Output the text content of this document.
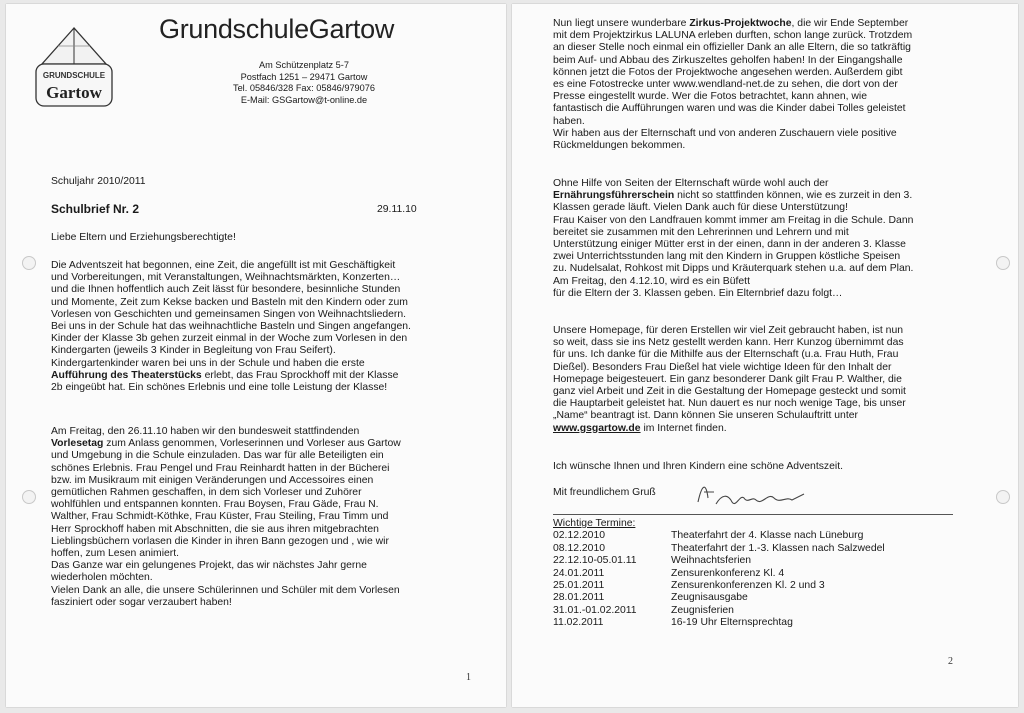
GRUNDSCHULE
Gartow
GrundschuleGartow
Am Schützenplatz 5-7
Postfach 1251 – 29471 Gartow
Tel. 05846/328 Fax: 05846/979076
E-Mail: GSGartow@t-online.de
Schuljahr 2010/2011
Schulbrief Nr. 2	29.11.10
Liebe Eltern und Erziehungsberechtigte!
Die Adventszeit hat begonnen, eine Zeit, die angefüllt ist mit Geschäftigkeit
und Vorbereitungen, mit Veranstaltungen, Weihnachtsmärkten, Konzerten…
und die Ihnen hoffentlich auch Zeit lässt für besondere, besinnliche Stunden
und Momente, Zeit zum Kekse backen und Basteln mit den Kindern oder zum
Vorlesen von Geschichten und gemeinsamen Singen von Weihnachtsliedern.
Bei uns in der Schule hat das weihnachtliche Basteln und Singen angefangen.
Kinder der Klasse 3b gehen zurzeit einmal in der Woche zum Vorlesen in den
Kindergarten (jeweils 3 Kinder in Begleitung von Frau Seifert).
Kindergartenkinder waren bei uns in der Schule und haben die erste
Aufführung des Theaterstücks erlebt, das Frau Sprockhoff mit der Klasse
2b eingeübt hat. Ein schönes Erlebnis und eine tolle Leistung der Klasse!
Am Freitag, den 26.11.10 haben wir den bundesweit stattfindenden
Vorlesetag zum Anlass genommen, Vorleserinnen und Vorleser aus Gartow
und Umgebung in die Schule einzuladen. Das war für alle Beteiligten ein
schönes Erlebnis. Frau Pengel und Frau Reinhardt hatten in der Bücherei
bzw. im Musikraum mit einigen Veränderungen und Accessoires einen
gemütlichen Rahmen geschaffen, in dem sich Vorleser und Zuhörer
wohlfühlen und entspannen konnten. Frau Boysen, Frau Gäde, Frau N.
Walther, Frau Schmidt-Köthke, Frau Küster, Frau Steiling, Frau Timm und
Herr Sprockhoff haben mit Abschnitten, die sie aus ihren mitgebrachten
Lieblingsbüchern vorlasen die Kinder in ihren Bann gezogen und , wie wir
hoffen, zum Lesen animiert.
Das Ganze war ein gelungenes Projekt, das wir nächstes Jahr gerne
wiederholen möchten.
Vielen Dank an alle, die unsere Schülerinnen und Schüler mit dem Vorlesen
fasziniert oder sogar verzaubert haben!
1
Nun liegt unsere wunderbare Zirkus-Projektwoche, die wir Ende September
mit dem Projektzirkus LALUNA erleben durften, schon lange zurück. Trotzdem
an dieser Stelle noch einmal ein offizieller Dank an alle Eltern, die so tatkräftig
beim Auf- und Abbau des Zirkuszeltes geholfen haben! In der Eingangshalle
können jetzt die Fotos der Projektwoche angesehen werden. Außerdem gibt
es eine Fotostrecke unter www.wendland-net.de zu sehen, die dort von der
Presse eingestellt wurde. Wer die Fotos betrachtet, kann ahnen, wie
fantastisch die Aufführungen waren und was die Kinder dabei Tolles geleistet
haben.
Wir haben aus der Elternschaft und von anderen Zuschauern viele positive
Rückmeldungen bekommen.
Ohne Hilfe von Seiten der Elternschaft würde wohl auch der
Ernährungsführerschein nicht so stattfinden können, wie es zurzeit in den 3.
Klassen gerade läuft. Vielen Dank auch für diese Unterstützung!
Frau Kaiser von den Landfrauen kommt immer am Freitag in die Schule. Dann
bereitet sie zusammen mit den Lehrerinnen und Lehrern und mit
Unterstützung einiger Mütter erst in der einen, dann in der anderen 3. Klasse
zwei Unterrichtsstunden lang mit den Kindern in Gruppen köstliche Speisen
zu. Nudelsalat, Rohkost mit Dipps und Kräuterquark stehen u.a. auf dem Plan.
Am Freitag, den 4.12.10, wird es ein Büfett
für die Eltern der 3. Klassen geben. Ein Elternbrief dazu folgt…
Unsere Homepage, für deren Erstellen wir viel Zeit gebraucht haben, ist nun
so weit, dass sie ins Netz gestellt werden kann. Herr Kunzog übernimmt das
für uns. Ich danke für die Mithilfe aus der Elternschaft (u.a. Frau Huth, Frau
Dießel). Besonders Frau Dießel hat viele wichtige Ideen für den Inhalt der
Homepage beigesteuert. Ein ganz besonderer Dank gilt Frau P. Walther, die
ganz viel Arbeit und Zeit in die Gestaltung der Homepage gesteckt und somit
die Hauptarbeit geleistet hat. Nun dauert es nur noch wenige Tage, bis unser
„Name“ beantragt ist. Dann können Sie unseren Schulauftritt unter
www.gsgartow.de im Internet finden.
Ich wünsche Ihnen und Ihren Kindern eine schöne Adventszeit.
Mit freundlichem Gruß
Wichtige Termine:
02.12.2010	Theaterfahrt der 4. Klasse nach Lüneburg
08.12.2010	Theaterfahrt der 1.-3. Klassen nach Salzwedel
22.12.10-05.01.11	Weihnachtsferien
24.01.2011	Zensurenkonferenz Kl. 4
25.01.2011	Zensurenkonferenzen Kl. 2 und 3
28.01.2011	Zeugnisausgabe
31.01.-01.02.2011	Zeugnisferien
11.02.2011	16-19 Uhr Elternsprechtag
2
